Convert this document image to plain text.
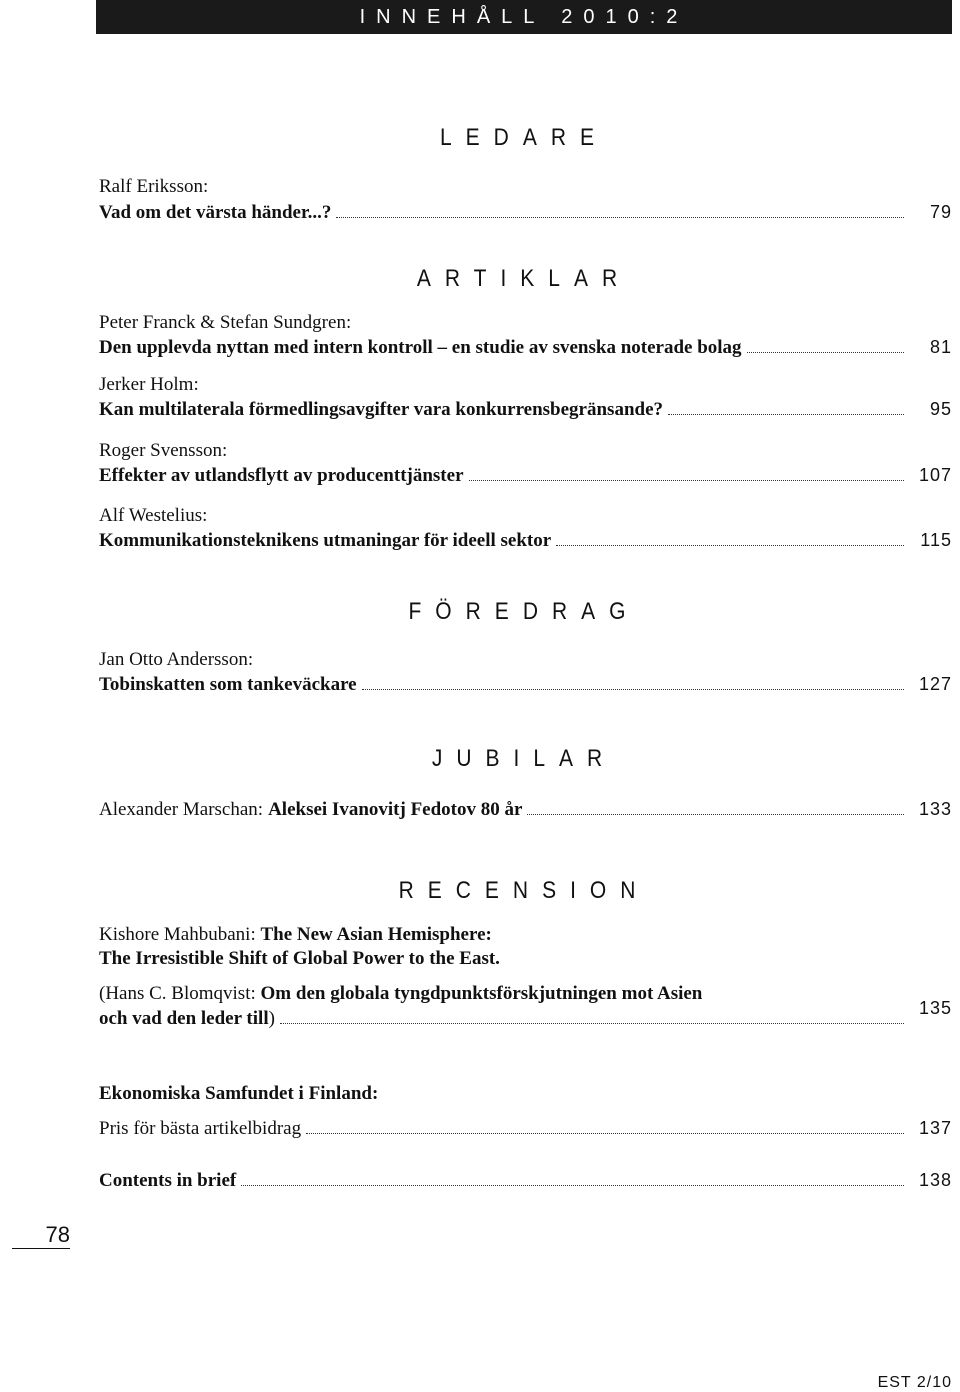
INNEHÅLL 2010:2
LEDARE
Ralf Eriksson:
Vad om det värsta händer...?	79
ARTIKLAR
Peter Franck & Stefan Sundgren:
Den upplevda nyttan med intern kontroll – en studie av svenska noterade bolag	81
Jerker Holm:
Kan multilaterala förmedlingsavgifter vara konkurrensbegränsande?	95
Roger Svensson:
Effekter av utlandsflytt av producenttjänster	107
Alf Westelius:
Kommunikationsteknikens utmaningar för ideell sektor	115
FÖREDRAG
Jan Otto Andersson:
Tobinskatten som tankeväckare	127
JUBILAR
Alexander Marschan: Aleksei Ivanovitj Fedotov 80 år	133
RECENSION
Kishore Mahbubani: The New Asian Hemisphere:
The Irresistible Shift of Global Power to the East.
(Hans C. Blomqvist: Om den globala tyngdpunktsförskjutningen mot Asien
och vad den leder till )	135
Ekonomiska Samfundet i Finland:
Pris för bästa artikelbidrag	137
Contents in brief	138
78
EST 2/10
